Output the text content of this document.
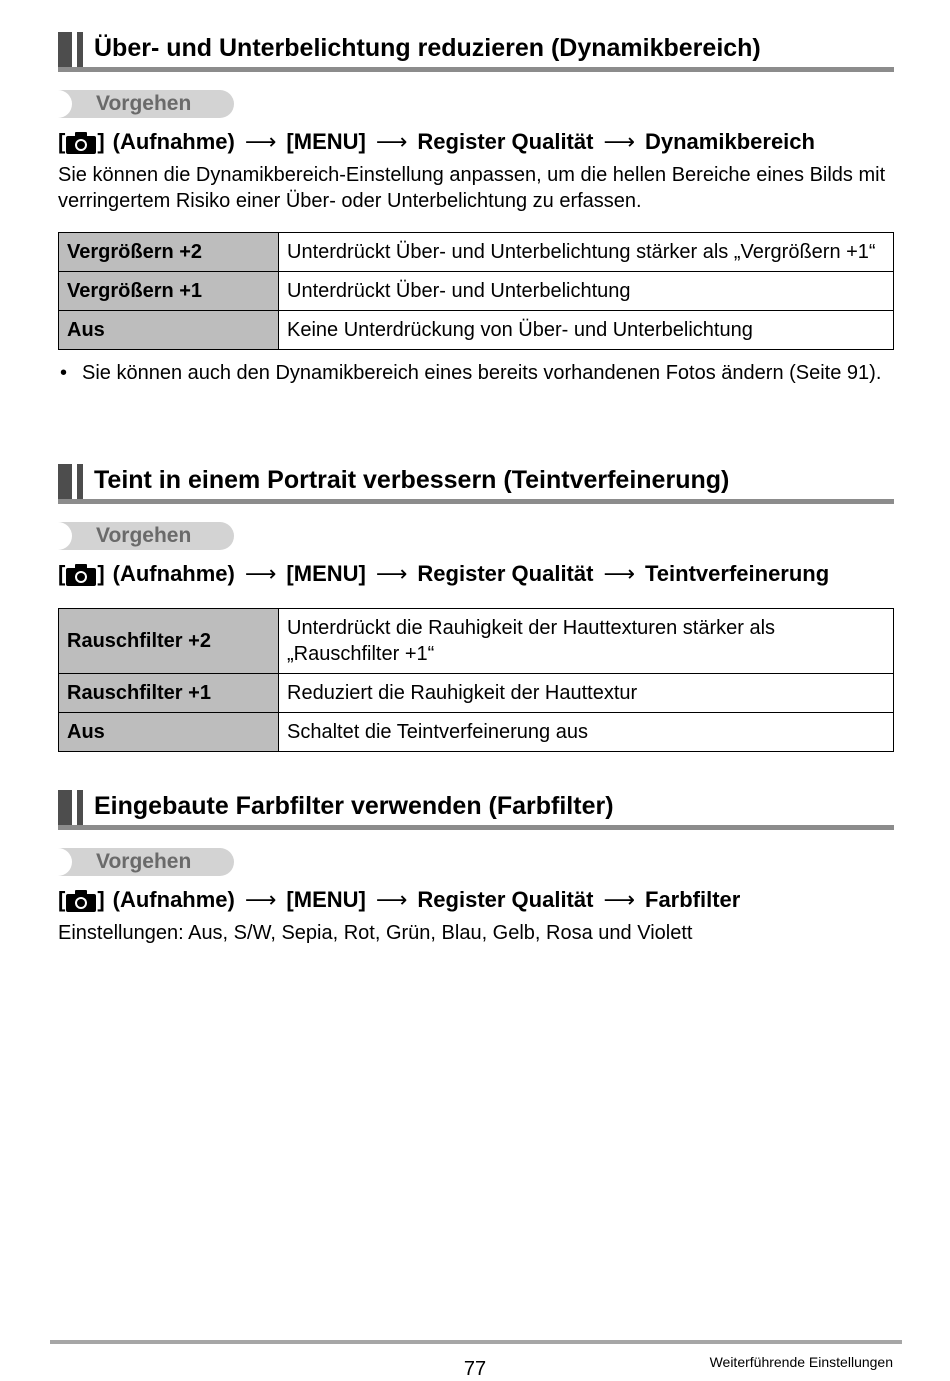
Über- und Unterbelichtung reduzieren (Dynamikbereich)
Vorgehen
[ ] (Aufnahme) ⟶ [MENU] ⟶ Register Qualität ⟶ Dynamikbereich
Sie können die Dynamikbereich-Einstellung anpassen, um die hellen Bereiche eines Bilds mit verringertem Risiko einer Über- oder Unterbelichtung zu erfassen.
Vergrößern +2	Unterdrückt Über- und Unterbelichtung stärker als „Vergrößern +1“
Vergrößern +1	Unterdrückt Über- und Unterbelichtung
Aus	Keine Unterdrückung von Über- und Unterbelichtung
• Sie können auch den Dynamikbereich eines bereits vorhandenen Fotos ändern (Seite 91).
Teint in einem Portrait verbessern (Teintverfeinerung)
Vorgehen
[ ] (Aufnahme) ⟶ [MENU] ⟶ Register Qualität ⟶ Teintverfeinerung
Rauschfilter +2	Unterdrückt die Rauhigkeit der Hauttexturen stärker als „Rauschfilter +1“
Rauschfilter +1	Reduziert die Rauhigkeit der Hauttextur
Aus	Schaltet die Teintverfeinerung aus
Eingebaute Farbfilter verwenden (Farbfilter)
Vorgehen
[ ] (Aufnahme) ⟶ [MENU] ⟶ Register Qualität ⟶ Farbfilter
Einstellungen: Aus, S/W, Sepia, Rot, Grün, Blau, Gelb, Rosa und Violett
77	Weiterführende Einstellungen
